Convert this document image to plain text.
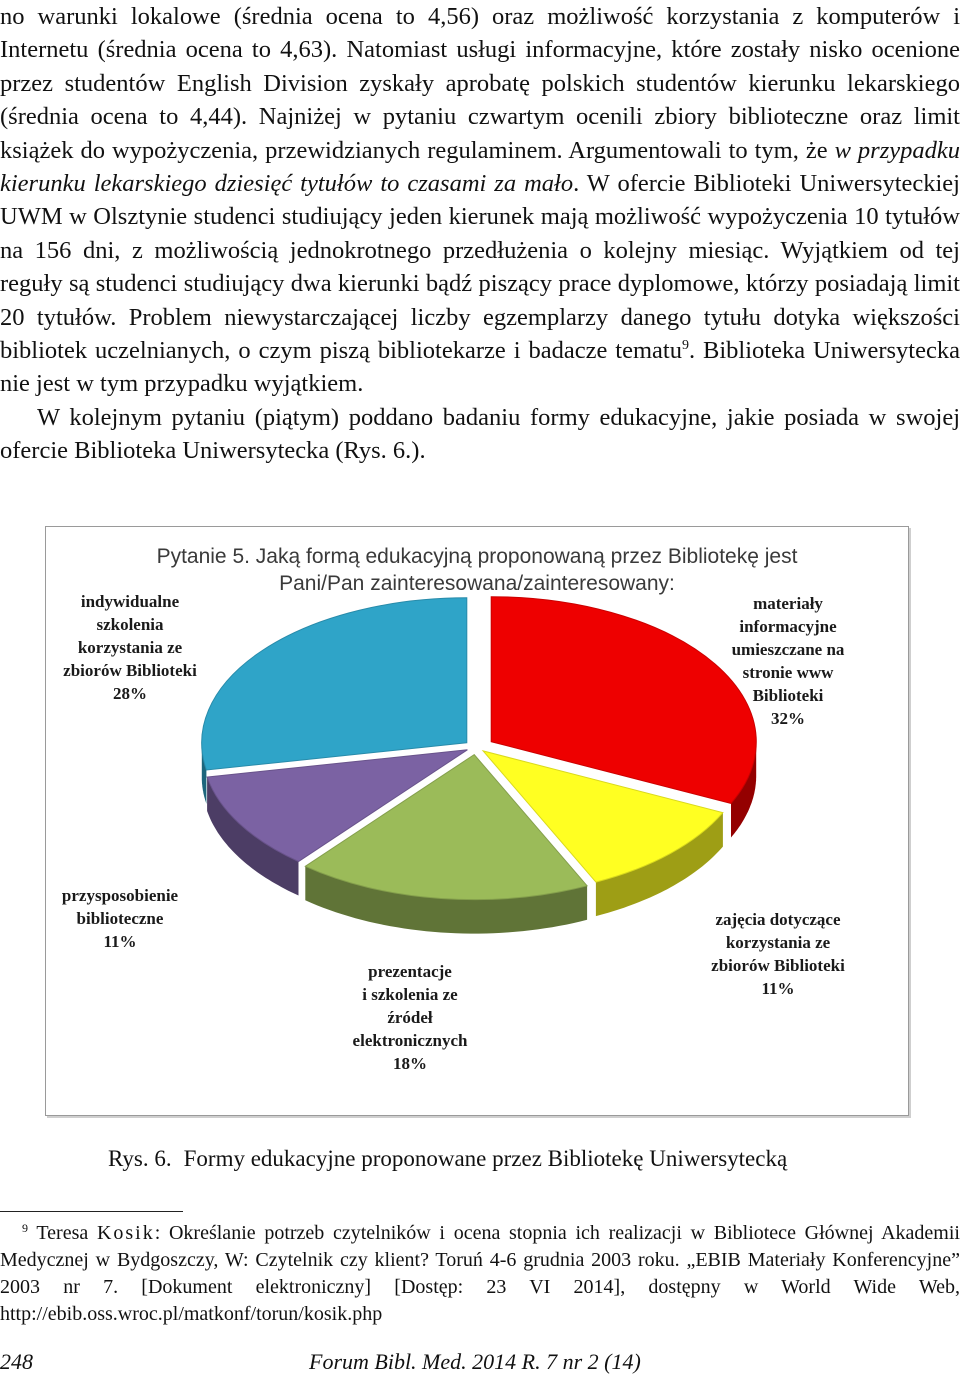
no warunki lokalowe (średnia ocena to 4,56) oraz możliwość korzystania z komputerów i Internetu (średnia ocena to 4,63). Natomiast usługi informacyjne, które zostały nisko ocenione przez studentów English Division zyskały aprobatę polskich studentów kierunku lekarskiego (średnia ocena to 4,44). Najniżej w pytaniu czwartym ocenili zbiory biblioteczne oraz limit książek do wypożyczenia, przewidzianych regulaminem. Argumentowali to tym, że w przypadku kierunku lekarskiego dziesięć tytułów to czasami za mało. W ofercie Biblioteki Uniwersyteckiej UWM w Olsztynie studenci studiujący jeden kierunek mają możliwość wypożyczenia 10 tytułów na 156 dni, z możliwością jednokrotnego przedłużenia o kolejny miesiąc. Wyjątkiem od tej reguły są studenci studiujący dwa kierunki bądź piszący prace dyplomowe, którzy posiadają limit 20 tytułów. Problem niewystarczającej liczby egzemplarzy danego tytułu dotyka większości bibliotek uczelnianych, o czym piszą bibliotekarze i badacze tematu$^9$. Biblioteka Uniwersytecka nie jest w tym przypadku wyjątkiem.

W kolejnym pytaniu (piątym) poddano badaniu formy edukacyjne, jakie posiada w swojej ofercie Biblioteka Uniwersytecka (Rys. 6.).

Pytanie 5. Jaką formą edukacyjną proponowaną przez Bibliotekę jest Pani/Pan zainteresowana/zainteresowany:
materiały informacyjne umieszczane na stronie www Biblioteki 32%
zajęcia dotyczące korzystania ze zbiorów Biblioteki 11%
prezentacje i szkolenia ze źródeł elektronicznych 18%
przysposobienie biblioteczne 11%
indywidualne szkolenia korzystania ze zbiorów Biblioteki 28%
Rys. 6. Formy edukacyjne proponowane przez Bibliotekę Uniwersytecką

$^9$ Teresa Kosik: Określanie potrzeb czytelników i ocena stopnia ich realizacji w Bibliotece Głównej Akademii Medycznej w Bydgoszczy, W: Czytelnik czy klient? Toruń 4-6 grudnia 2003 roku. „EBIB Materiały Konferencyjne” 2003 nr 7. [Dokument elektroniczny] [Dostęp: 23 VI 2014], dostępny w World Wide Web, http://ebib.oss.wroc.pl/matkonf/torun/kosik.php

248	Forum Bibl. Med. 2014 R. 7 nr 2 (14)
